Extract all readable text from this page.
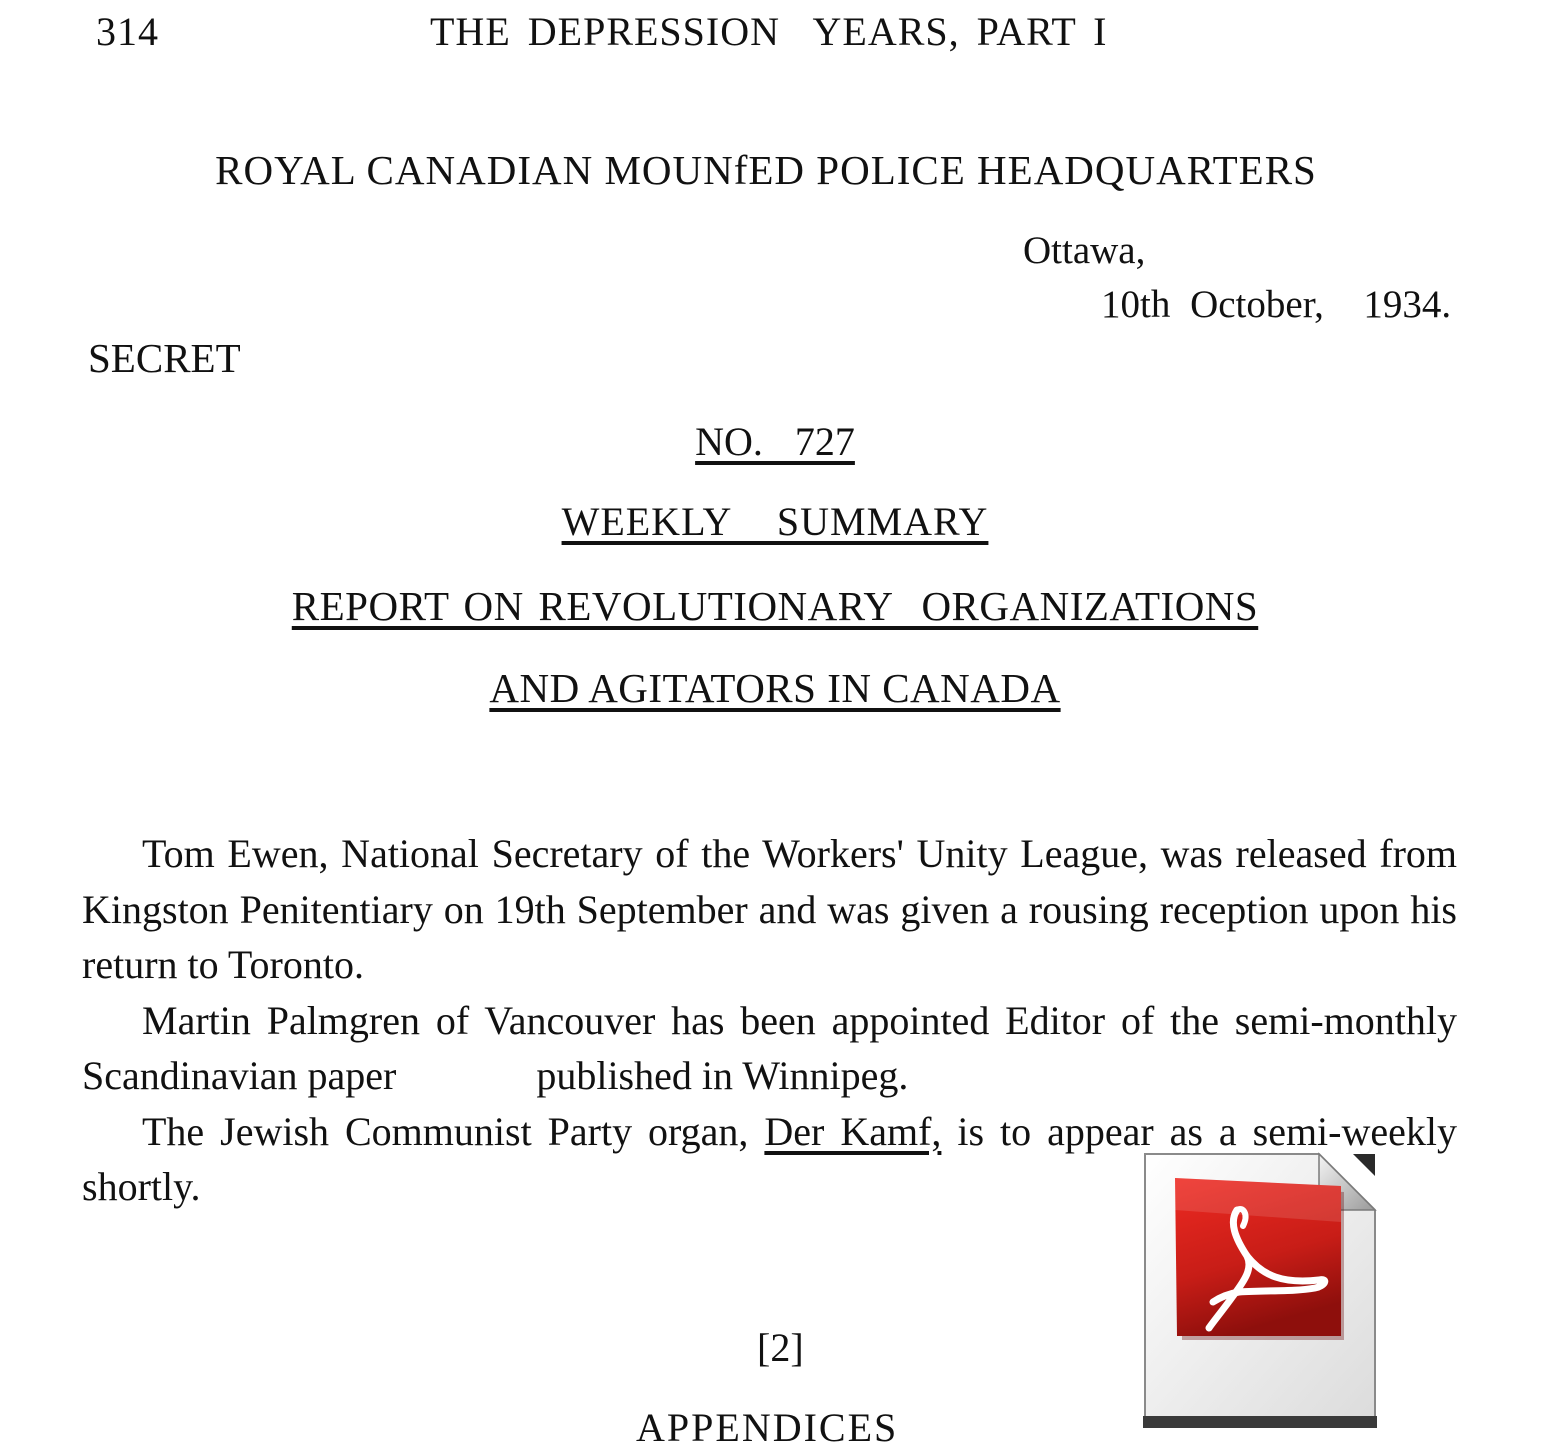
314	THE DEPRESSION  YEARS, PART I
ROYAL CANADIAN MOUNfED POLICE HEADQUARTERS
Ottawa,
10th October,  1934.
SECRET
NO.  727
WEEKLY  SUMMARY
REPORT ON REVOLUTIONARY  ORGANIZATIONS
AND AGITATORS IN CANADA

Tom Ewen, National Secretary of the Workers' Unity League, was released from Kingston Penitentiary on 19th September and was given a rousing reception upon his return to Toronto.

Martin Palmgren of Vancouver has been appointed Editor of the semi-monthly Scandinavian paper	published in Winnipeg.

The Jewish Communist Party organ, Der Kamf, is to appear as a semi-weekly shortly.

[2]
APPENDICES
